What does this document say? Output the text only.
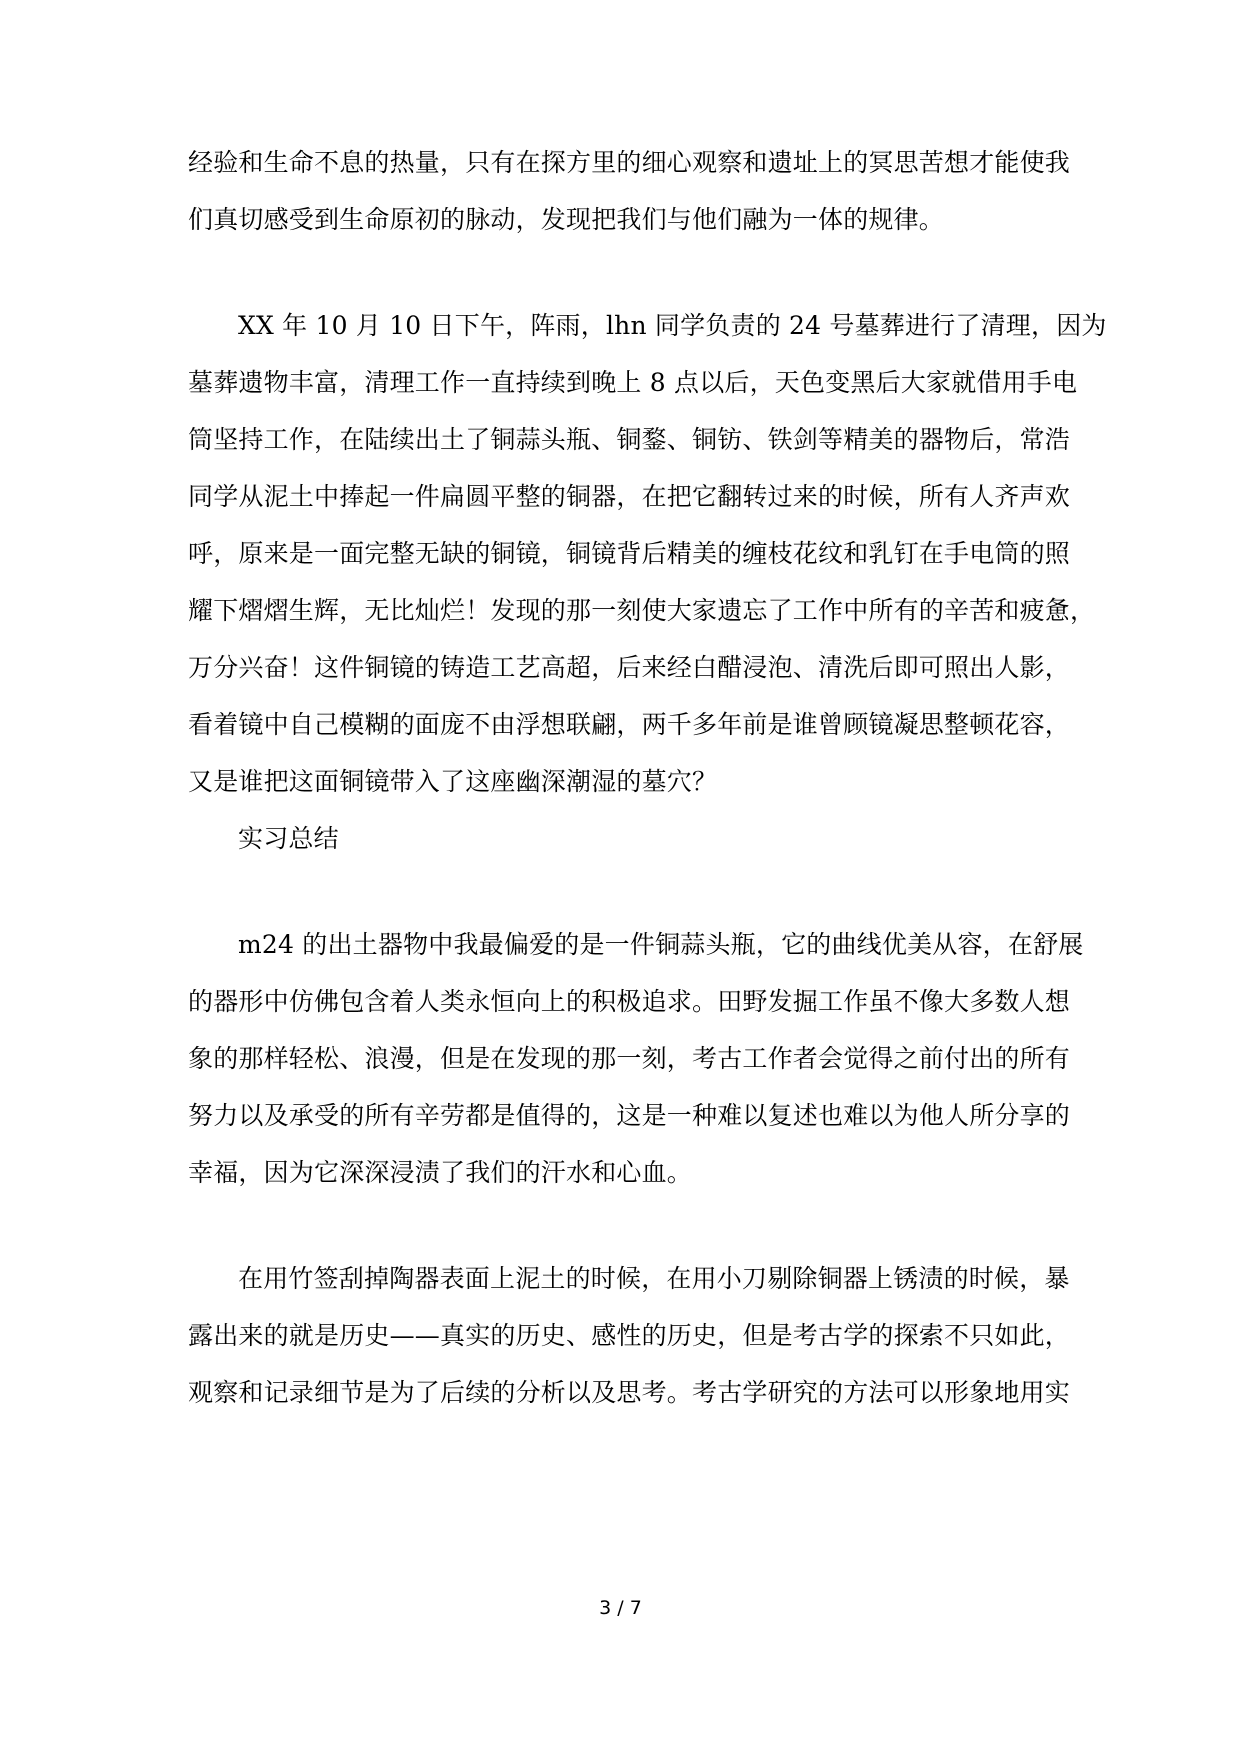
经验和生命不息的热量，只有在探方里的细心观察和遗址上的冥思苦想才能使我
们真切感受到生命原初的脉动，发现把我们与他们融为一体的规律。
XX 年 10 月 10 日下午，阵雨，lhn 同学负责的 24 号墓葬进行了清理，因为
墓葬遗物丰富，清理工作一直持续到晚上 8 点以后，天色变黑后大家就借用手电
筒坚持工作，在陆续出土了铜蒜头瓶、铜鍪、铜钫、铁剑等精美的器物后，常浩
同学从泥土中捧起一件扁圆平整的铜器，在把它翻转过来的时候，所有人齐声欢
呼，原来是一面完整无缺的铜镜，铜镜背后精美的缠枝花纹和乳钉在手电筒的照
耀下熠熠生辉，无比灿烂！发现的那一刻使大家遗忘了工作中所有的辛苦和疲惫，
万分兴奋！这件铜镜的铸造工艺高超，后来经白醋浸泡、清洗后即可照出人影，
看着镜中自己模糊的面庞不由浮想联翩，两千多年前是谁曾顾镜凝思整顿花容，
又是谁把这面铜镜带入了这座幽深潮湿的墓穴？
实习总结
m24 的出土器物中我最偏爱的是一件铜蒜头瓶，它的曲线优美从容，在舒展
的器形中仿佛包含着人类永恒向上的积极追求。田野发掘工作虽不像大多数人想
象的那样轻松、浪漫，但是在发现的那一刻，考古工作者会觉得之前付出的所有
努力以及承受的所有辛劳都是值得的，这是一种难以复述也难以为他人所分享的
幸福，因为它深深浸渍了我们的汗水和心血。
在用竹签刮掉陶器表面上泥土的时候，在用小刀剔除铜器上锈渍的时候，暴
露出来的就是历史——真实的历史、感性的历史，但是考古学的探索不只如此，
观察和记录细节是为了后续的分析以及思考。考古学研究的方法可以形象地用实
3 / 7
